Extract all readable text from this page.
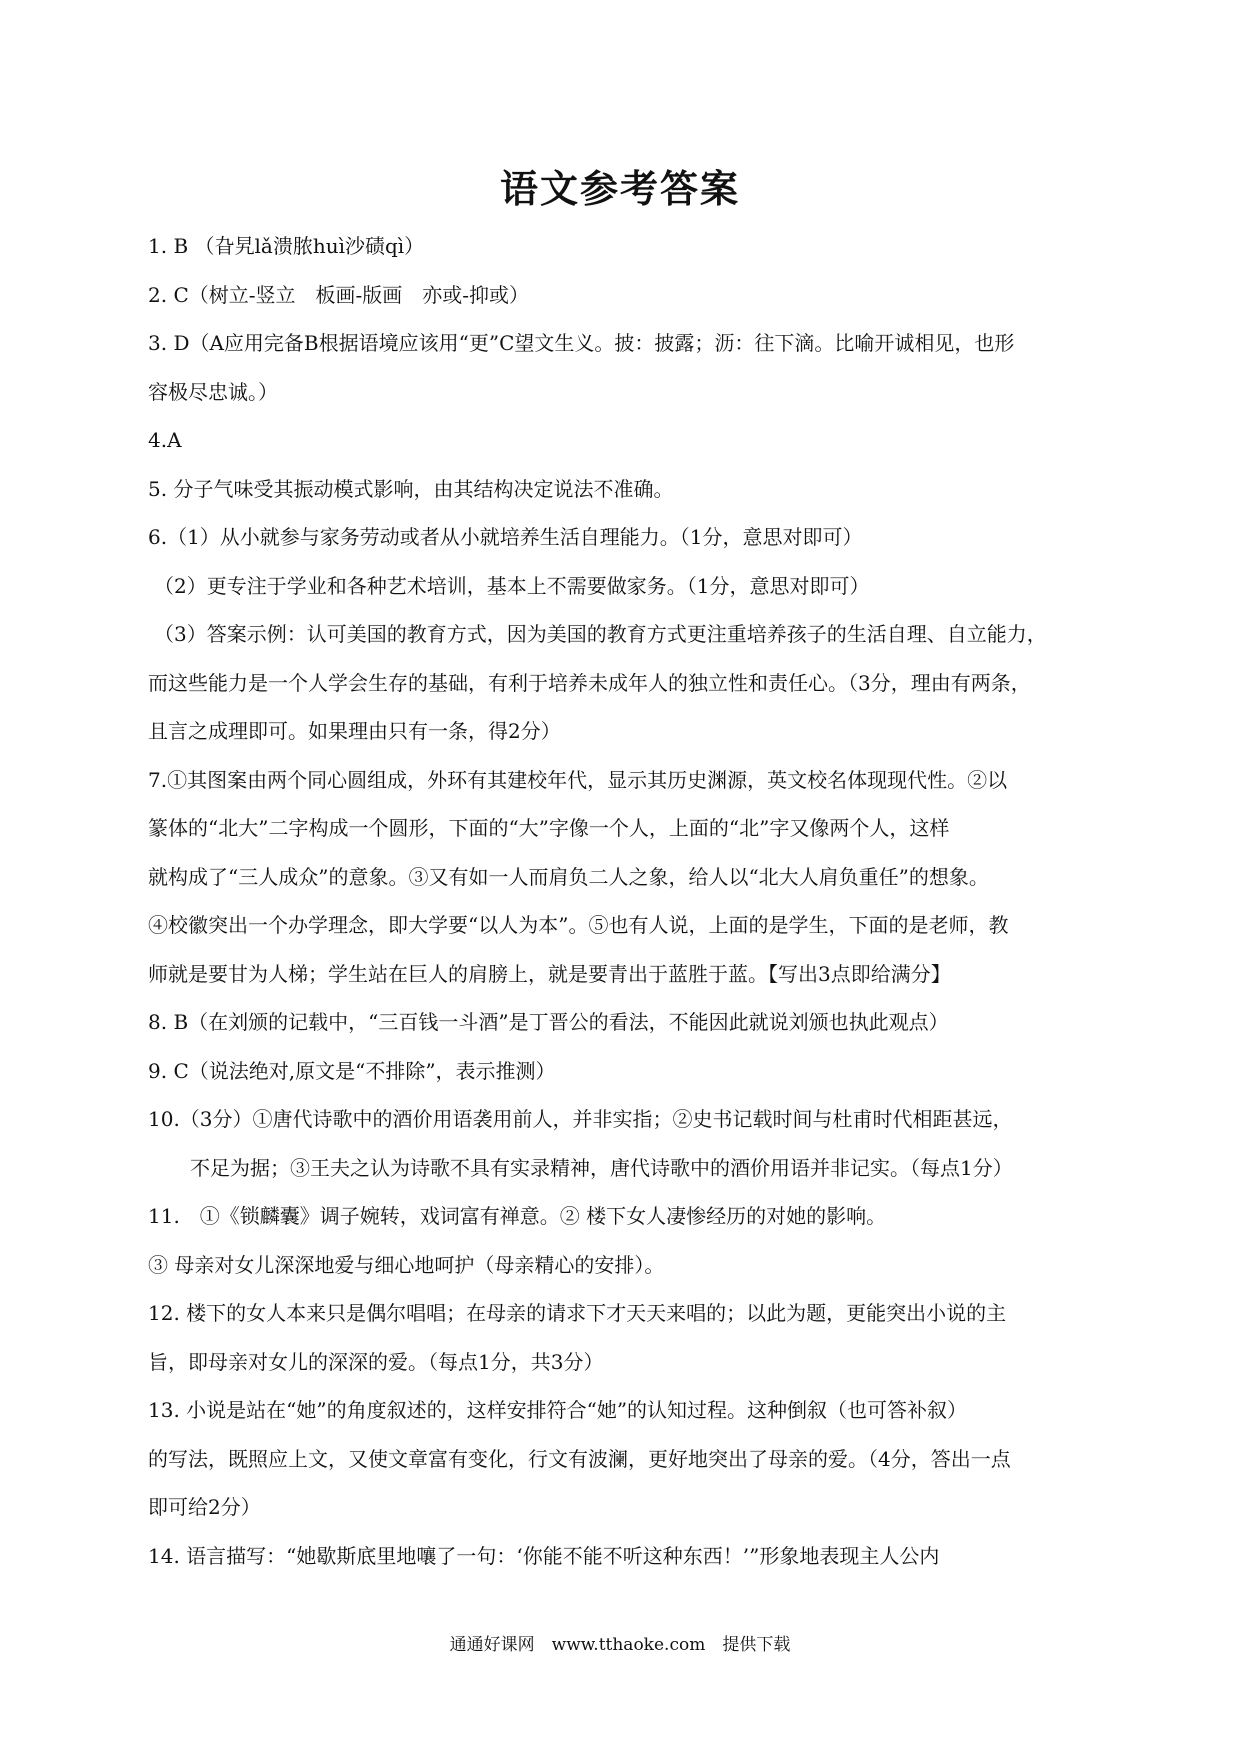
语文参考答案
1. B （旮旯lǎ溃脓huì沙碛qì）
2. C（树立-竖立　板画-版画　亦或-抑或）
3. D（A应用完备B根据语境应该用“更”C望文生义。披：披露；沥：往下滴。比喻开诚相见，也形
容极尽忠诚。）
4.A
5. 分子气味受其振动模式影响，由其结构决定说法不准确。
6.（1）从小就参与家务劳动或者从小就培养生活自理能力。（1分，意思对即可）
（2）更专注于学业和各种艺术培训，基本上不需要做家务。（1分，意思对即可）
（3）答案示例：认可美国的教育方式，因为美国的教育方式更注重培养孩子的生活自理、自立能力，
而这些能力是一个人学会生存的基础，有利于培养未成年人的独立性和责任心。（3分，理由有两条，
且言之成理即可。如果理由只有一条，得2分）
7.①其图案由两个同心圆组成，外环有其建校年代，显示其历史渊源，英文校名体现现代性。②以
篆体的“北大”二字构成一个圆形，下面的“大”字像一个人，上面的“北”字又像两个人，这样
就构成了“三人成众”的意象。③又有如一人而肩负二人之象，给人以“北大人肩负重任”的想象。
④校徽突出一个办学理念，即大学要“以人为本”。⑤也有人说，上面的是学生，下面的是老师，教
师就是要甘为人梯；学生站在巨人的肩膀上，就是要青出于蓝胜于蓝。【写出3点即给满分】
8. B（在刘颁的记载中，“三百钱一斗酒”是丁晋公的看法，不能因此就说刘颁也执此观点）
9. C（说法绝对,原文是“不排除”，表示推测）
10.（3分）①唐代诗歌中的酒价用语袭用前人，并非实指；②史书记载时间与杜甫时代相距甚远，
不足为据；③王夫之认为诗歌不具有实录精神，唐代诗歌中的酒价用语并非记实。（每点1分）
11.　①《锁麟囊》调子婉转，戏词富有禅意。② 楼下女人凄惨经历的对她的影响。
③ 母亲对女儿深深地爱与细心地呵护（母亲精心的安排）。
12. 楼下的女人本来只是偶尔唱唱；在母亲的请求下才天天来唱的；以此为题，更能突出小说的主
旨，即母亲对女儿的深深的爱。（每点1分，共3分）
13. 小说是站在“她”的角度叙述的，这样安排符合“她”的认知过程。这种倒叙（也可答补叙）
的写法，既照应上文，又使文章富有变化，行文有波澜，更好地突出了母亲的爱。（4分，答出一点
即可给2分）
14. 语言描写：“她歇斯底里地嚷了一句：‘你能不能不听这种东西！’”形象地表现主人公内
通通好课网　www.tthaoke.com　提供下载
